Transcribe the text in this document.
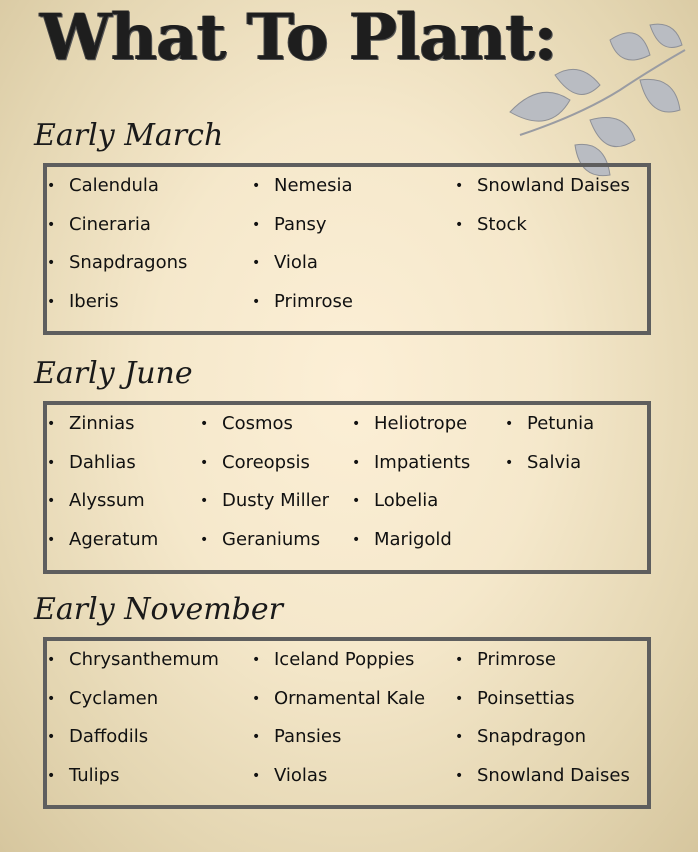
What To Plant:
Early March
• Calendula
• Cineraria
• Snapdragons
• Iberis
• Nemesia
• Pansy
• Viola
• Primrose
• Snowland Daises
• Stock
Early June
• Zinnias
• Dahlias
• Alyssum
• Ageratum
• Cosmos
• Coreopsis
• Dusty Miller
• Geraniums
• Heliotrope
• Impatients
• Lobelia
• Marigold
• Petunia
• Salvia
Early November
• Chrysanthemum
• Cyclamen
• Daffodils
• Tulips
• Iceland Poppies
• Ornamental Kale
• Pansies
• Violas
• Primrose
• Poinsettias
• Snapdragon
• Snowland Daises
